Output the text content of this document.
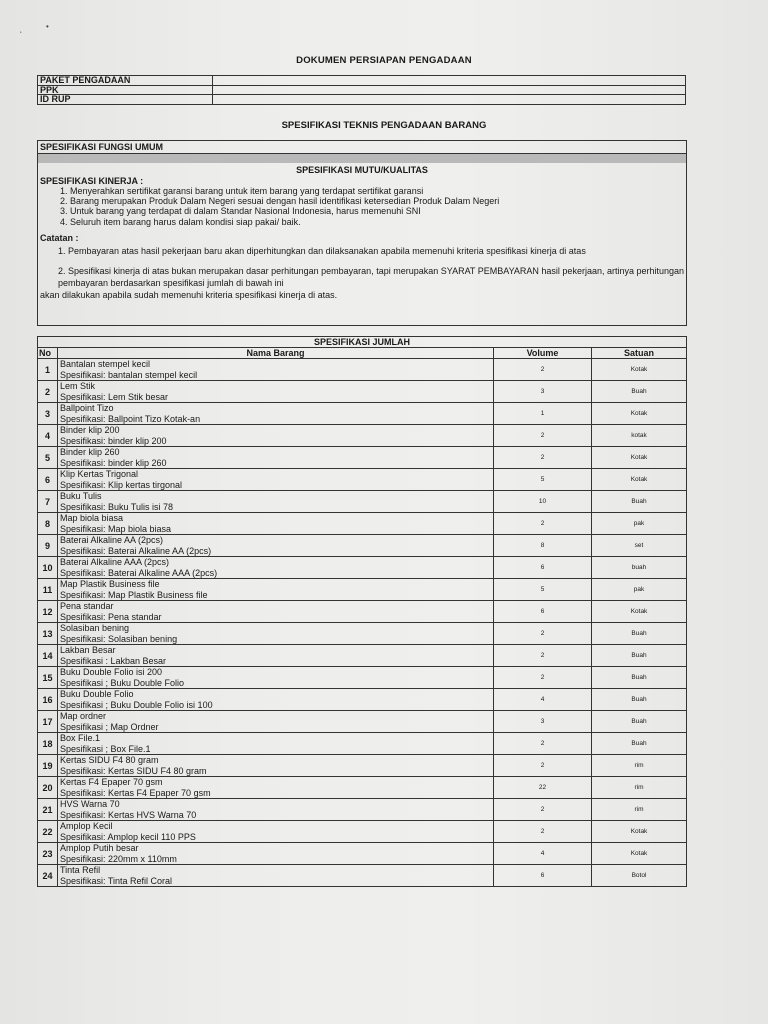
ʻ
•
DOKUMEN PERSIAPAN PENGADAAN
PAKET PENGADAAN	
PPK	
ID RUP	
SPESIFIKASI TEKNIS PENGADAAN BARANG
SPESIFIKASI FUNGSI UMUM
SPESIFIKASI MUTU/KUALITAS
SPESIFIKASI KINERJA :
1. Menyerahkan sertifikat garansi barang untuk item barang yang terdapat sertifikat garansi
2. Barang merupakan Produk Dalam Negeri sesuai dengan hasil identifikasi ketersedian Produk Dalam Negeri
3. Untuk barang yang terdapat di dalam Standar Nasional Indonesia, harus memenuhi SNI
4. Seluruh item barang harus dalam kondisi siap pakai/ baik.
Catatan :

1. Pembayaran atas hasil pekerjaan baru akan diperhitungkan dan dilaksanakan apabila memenuhi kriteria spesifikasi kinerja di atas

2. Spesifikasi kinerja di atas bukan merupakan dasar perhitungan pembayaran, tapi merupakan SYARAT PEMBAYARAN hasil pekerjaan, artinya perhitungan pembayaran berdasarkan spesifikasi jumlah di bawah ini

akan dilakukan apabila sudah memenuhi kriteria spesifikasi kinerja di atas.

SPESIFIKASI JUMLAH			
No	Nama Barang	Volume	Satuan
1	Bantalan stempel kecil
Spesifikasi: bantalan stempel kecil	2	Kotak
2	Lem Stik
Spesifikasi: Lem Stik besar	3	Buah
3	Ballpoint Tizo
Spesifikasi: Ballpoint Tizo Kotak-an	1	Kotak
4	Binder klip 200
Spesifikasi: binder klip 200	2	kotak
5	Binder klip 260
Spesifikasi: binder klip 260	2	Kotak
6	Klip Kertas Trigonal
Spesifikasi: Klip kertas tirgonal	5	Kotak
7	Buku Tulis
Spesifikasi: Buku Tulis isi 78	10	Buah
8	Map biola biasa
Spesifikasi: Map biola biasa	2	pak
9	Baterai Alkaline AA (2pcs)
Spesifikasi: Baterai Alkaline AA (2pcs)	8	set
10	Baterai Alkaline AAA (2pcs)
Spesifikasi: Baterai Alkaline AAA (2pcs)	6	buah
11	Map Plastik Business file
Spesifikasi: Map Plastik Business file	5	pak
12	Pena standar
Spesifikasi: Pena standar	6	Kotak
13	Solasiban bening
Spesifikasi: Solasiban bening	2	Buah
14	Lakban Besar
Spesifikasi : Lakban Besar	2	Buah
15	Buku Double Folio isi 200
Spesifikasi ; Buku Double Folio	2	Buah
16	Buku Double Folio
Spesifikasi ; Buku Double Folio isi 100	4	Buah
17	Map ordner
Spesifikasi ; Map Ordner	3	Buah
18	Box File.1
Spesifikasi ; Box File.1	2	Buah
19	Kertas SIDU F4 80 gram
Spesifikasi: Kertas SIDU F4 80 gram	2	rim
20	Kertas F4 Epaper 70 gsm
Spesifikasi: Kertas F4 Epaper 70 gsm	22	rim
21	HVS Warna 70
Spesifikasi: Kertas HVS Warna 70	2	rim
22	Amplop Kecil
Spesifikasi: Amplop kecil 110 PPS	2	Kotak
23	Amplop Putih besar
Spesifikasi: 220mm x 110mm	4	Kotak
24	Tinta Refil
Spesifikasi: Tinta Refil Coral	6	Botol
